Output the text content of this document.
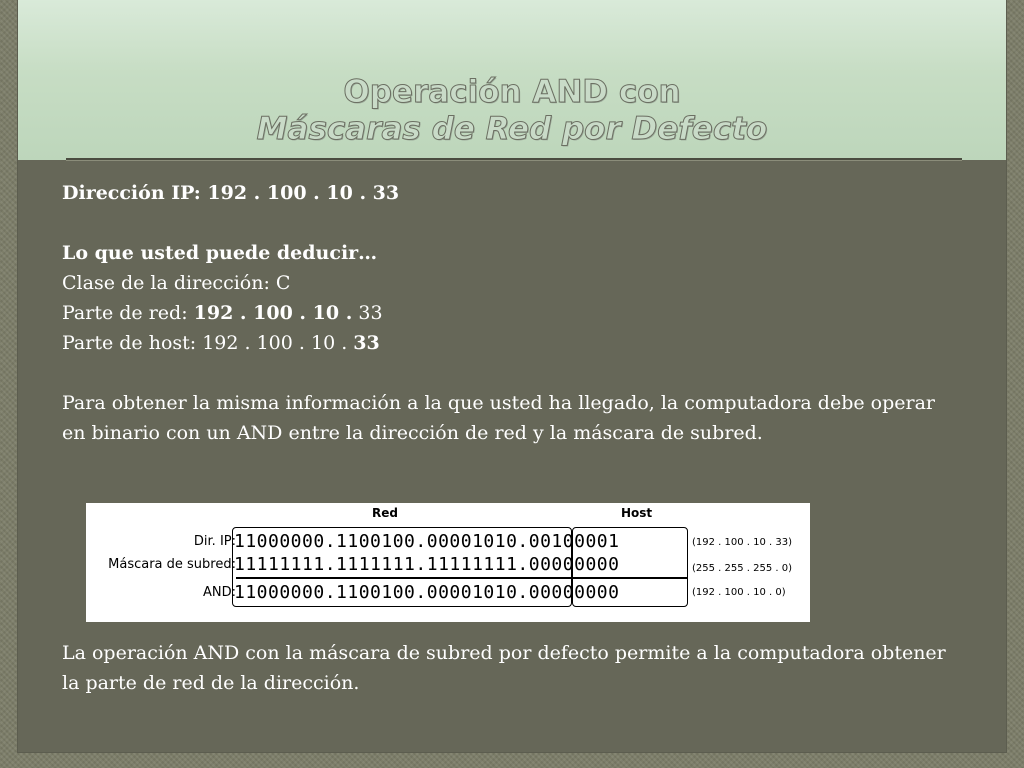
Operación AND con
Máscaras de Red por Defecto

Dirección IP: 192 . 100 . 10 . 33

Lo que usted puede deducir…

Clase de la dirección: C

Parte de red: 192 . 100 . 10 . 33

Parte de host: 192 . 100 . 10 . 33

Para obtener la misma información a la que usted ha llegado, la computadora debe operar en binario con un AND entre la dirección de red y la máscara de subred.

La operación AND con la máscara de subred por defecto permite a la computadora obtener la parte de red de la dirección.

Red	Host
Dir. IP:
11000000.1100100.00001010.00100001	(192 . 100 . 10 . 33)
Máscara de subred:
11111111.1111111.11111111.00000000	(255 . 255 . 255 . 0)
AND:
11000000.1100100.00001010.00000000	(192 . 100 . 10 . 0)
